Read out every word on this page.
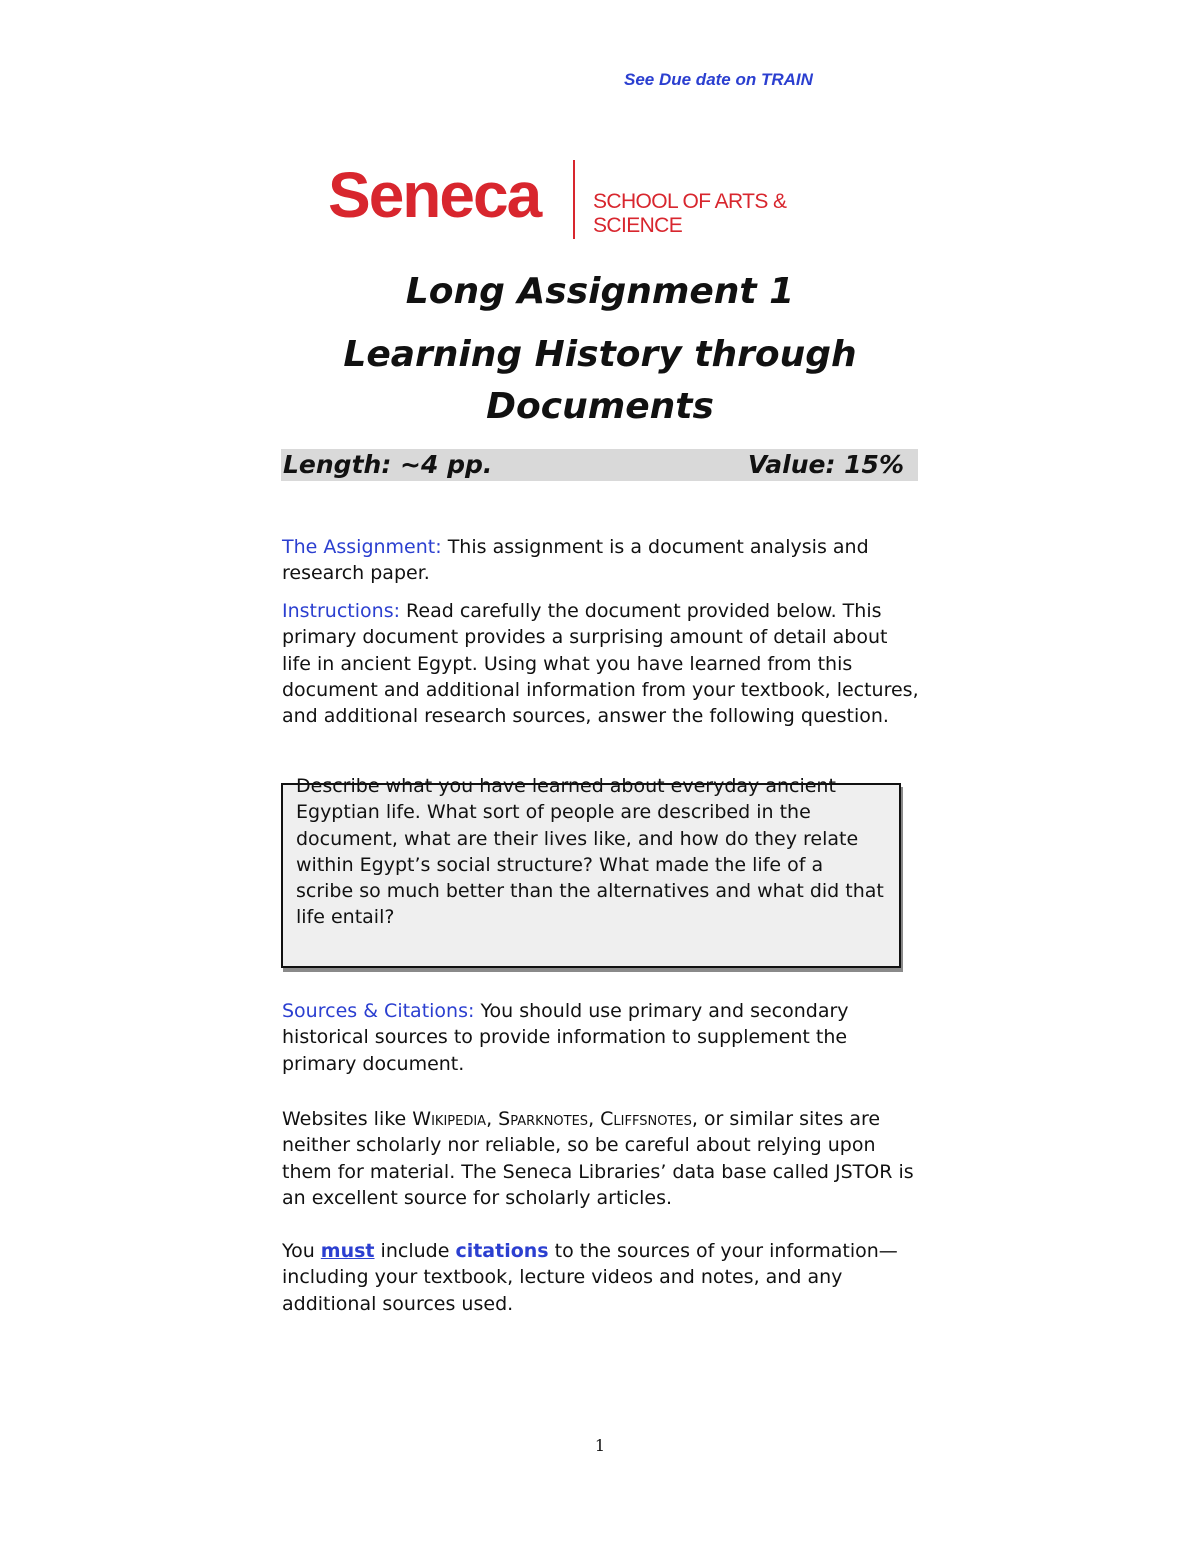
See Due date on TRAIN
Seneca	SCHOOL OF ARTS & SCIENCE
Long Assignment 1
Learning History through
Documents
Length: ~4 pp.	Value: 15%

The Assignment: This assignment is a document analysis and research paper.

Instructions: Read carefully the document provided below. This primary document provides a surprising amount of detail about life in ancient Egypt. Using what you have learned from this document and additional information from your textbook, lectures, and additional research sources, answer the following question.

Describe what you have learned about everyday ancient Egyptian life. What sort of people are described in the document, what are their lives like, and how do they relate within Egypt’s social structure? What made the life of a scribe so much better than the alternatives and what did that life entail?

Sources & Citations: You should use primary and secondary historical sources to provide information to supplement the primary document.

Websites like Wikipedia, Sparknotes, Cliffsnotes, or similar sites are neither scholarly nor reliable, so be careful about relying upon them for material. The Seneca Libraries’ data base called JSTOR is an excellent source for scholarly articles.

You must include citations to the sources of your information—including your textbook, lecture videos and notes, and any additional sources used.

1
